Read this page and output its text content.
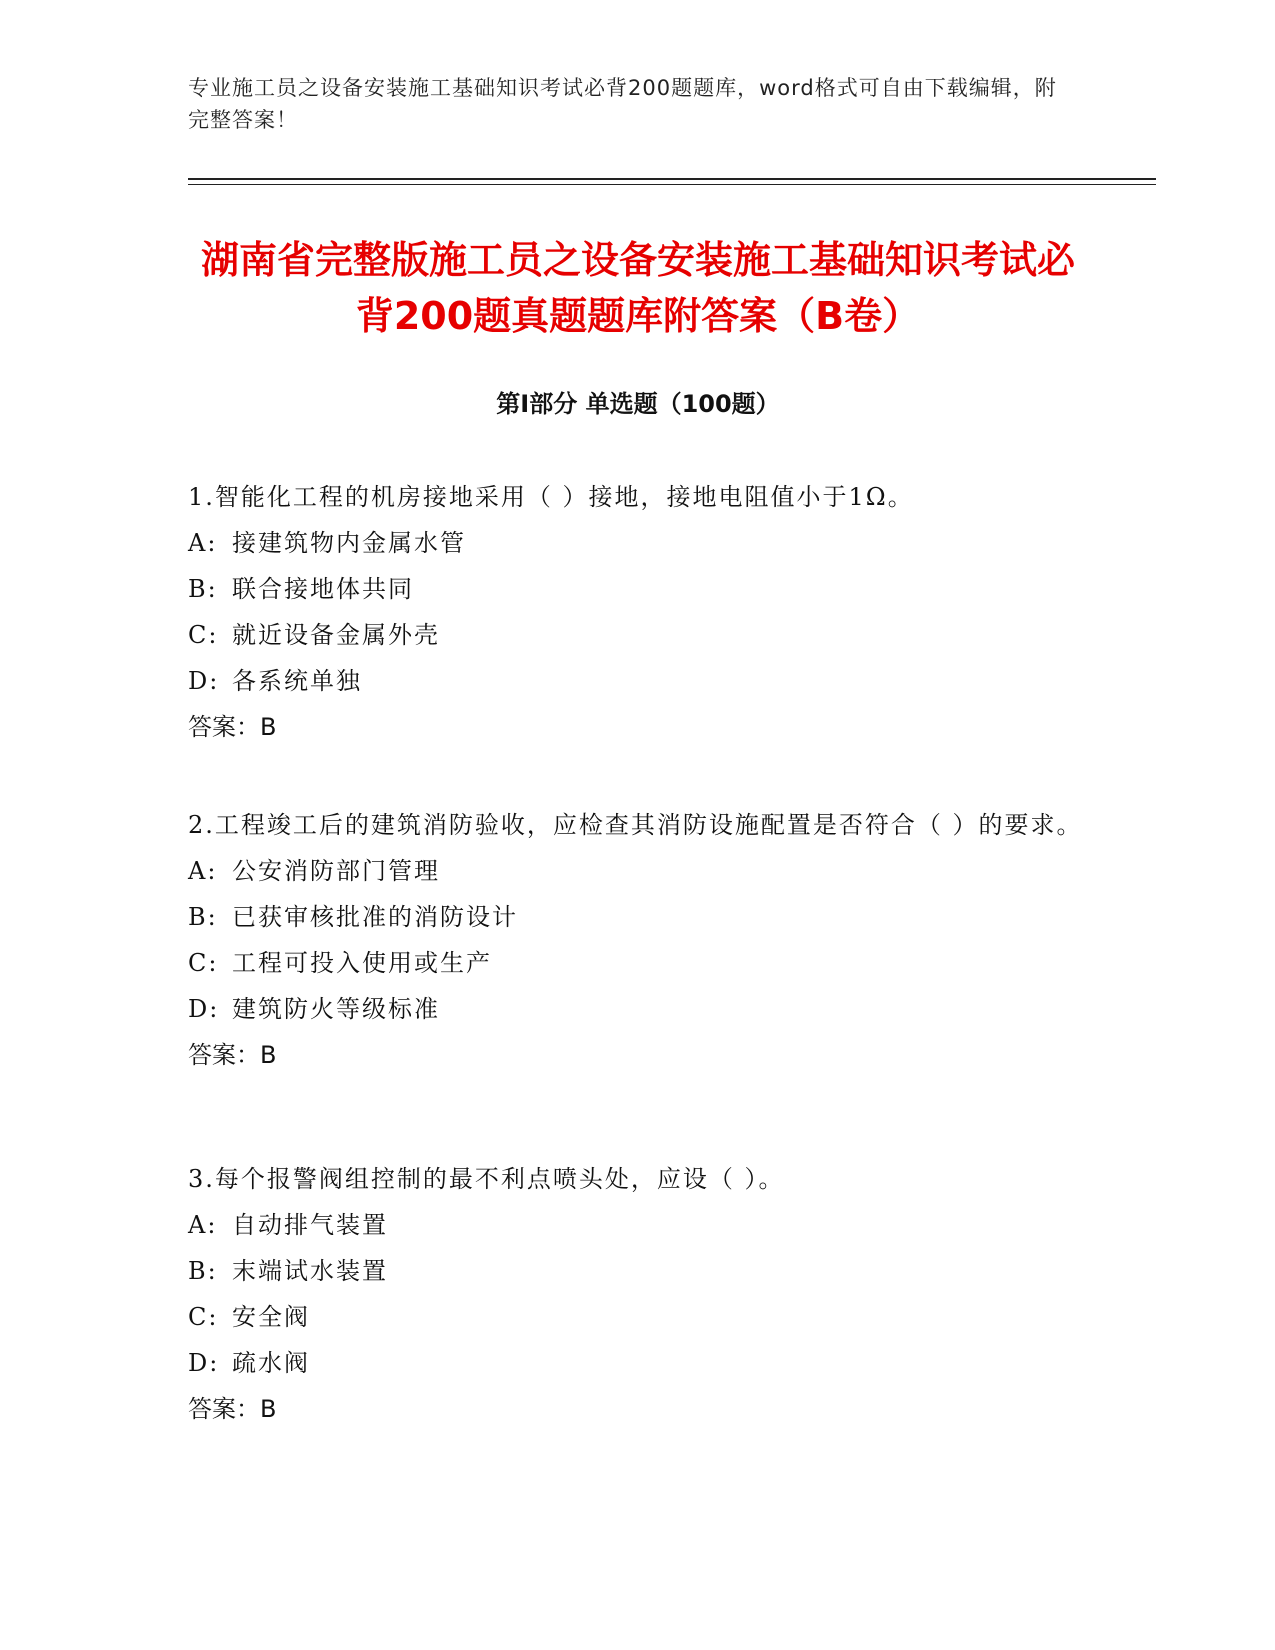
专业施工员之设备安装施工基础知识考试必背200题题库，word格式可自由下载编辑，附完整答案！
湖南省完整版施工员之设备安装施工基础知识考试必背200题真题题库附答案（B卷）
第Ⅰ部分 单选题（100题）

1.智能化工程的机房接地采用（ ）接地，接地电阻值小于1Ω。

A: 接建筑物内金属水管

B: 联合接地体共同

C: 就近设备金属外壳

D: 各系统单独

答案：B

2.工程竣工后的建筑消防验收，应检查其消防设施配置是否符合（ ）的要求。

A: 公安消防部门管理

B: 已获审核批准的消防设计

C: 工程可投入使用或生产

D: 建筑防火等级标准

答案：B

3.每个报警阀组控制的最不利点喷头处，应设（ ）。

A: 自动排气装置

B: 末端试水装置

C: 安全阀

D: 疏水阀

答案：B
